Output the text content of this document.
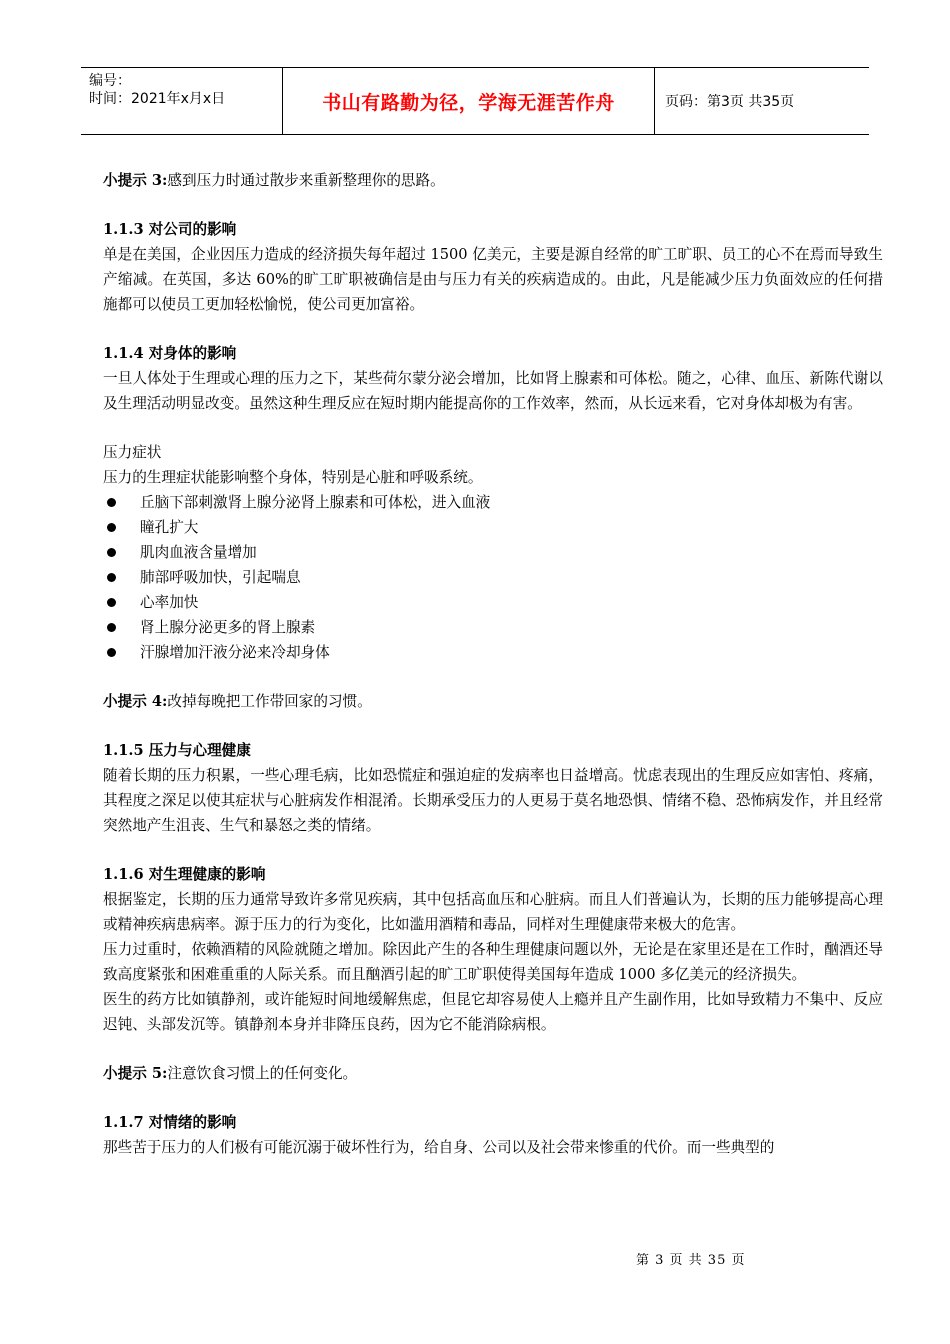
编号：
时间：2021年x月x日	书山有路勤为径，学海无涯苦作舟	页码：第3页 共35页

小提示 3:感到压力时通过散步来重新整理你的思路。

1.1.3 对公司的影响

单是在美国，企业因压力造成的经济损失每年超过 1500 亿美元，主要是源自经常的旷工旷职、员工的心不在焉而导致生产缩减。在英国，多达 60%的旷工旷职被确信是由与压力有关的疾病造成的。由此，凡是能减少压力负面效应的任何措施都可以使员工更加轻松愉悦，使公司更加富裕。

1.1.4 对身体的影响

一旦人体处于生理或心理的压力之下，某些荷尔蒙分泌会增加，比如肾上腺素和可体松。随之，心律、血压、新陈代谢以及生理活动明显改变。虽然这种生理反应在短时期内能提高你的工作效率，然而，从长远来看，它对身体却极为有害。

压力症状

压力的生理症状能影响整个身体，特别是心脏和呼吸系统。

丘脑下部刺激肾上腺分泌肾上腺素和可体松，进入血液
瞳孔扩大
肌肉血液含量增加
肺部呼吸加快，引起喘息
心率加快
肾上腺分泌更多的肾上腺素
汗腺增加汗液分泌来冷却身体

小提示 4:改掉每晚把工作带回家的习惯。

1.1.5 压力与心理健康

随着长期的压力积累，一些心理毛病，比如恐慌症和强迫症的发病率也日益增高。忧虑表现出的生理反应如害怕、疼痛，其程度之深足以使其症状与心脏病发作相混淆。长期承受压力的人更易于莫名地恐惧、情绪不稳、恐怖病发作，并且经常突然地产生沮丧、生气和暴怒之类的情绪。

1.1.6 对生理健康的影响

根据鉴定，长期的压力通常导致许多常见疾病，其中包括高血压和心脏病。而且人们普遍认为，长期的压力能够提高心理或精神疾病患病率。源于压力的行为变化，比如滥用酒精和毒品，同样对生理健康带来极大的危害。

压力过重时，依赖酒精的风险就随之增加。除因此产生的各种生理健康问题以外，无论是在家里还是在工作时，酗酒还导致高度紧张和困难重重的人际关系。而且酗酒引起的旷工旷职使得美国每年造成 1000 多亿美元的经济损失。

医生的药方比如镇静剂，或许能短时间地缓解焦虑，但昆它却容易使人上瘾并且产生副作用，比如导致精力不集中、反应迟钝、头部发沉等。镇静剂本身并非降压良药，因为它不能消除病根。

小提示 5:注意饮食习惯上的任何变化。

1.1.7 对情绪的影响

那些苦于压力的人们极有可能沉溺于破坏性行为，给自身、公司以及社会带来惨重的代价。而一些典型的

第 3 页 共 35 页
